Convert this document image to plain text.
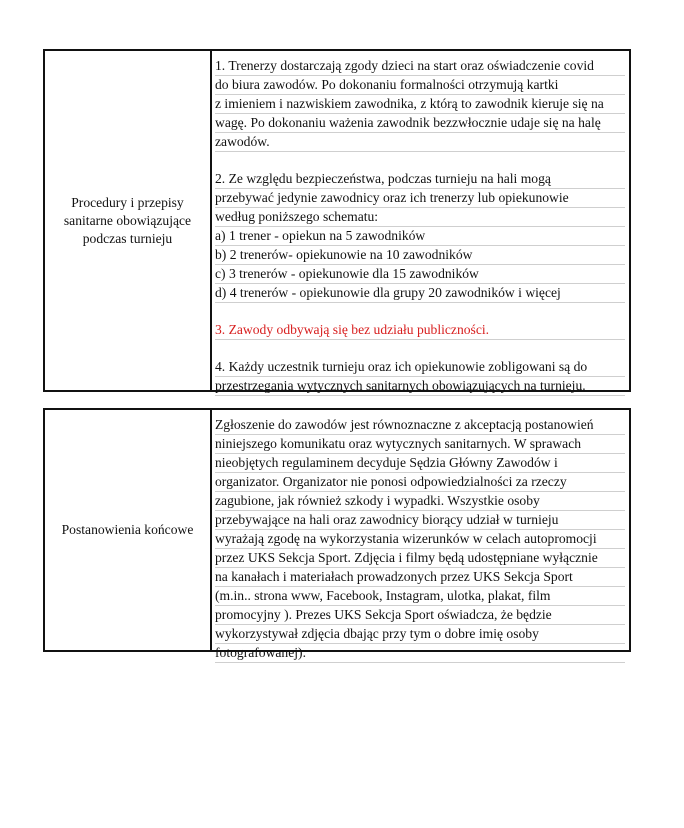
Procedury i przepisy
sanitarne obowiązujące
podczas turnieju
1. Trenerzy dostarczają zgody dzieci na start oraz oświadczenie covid
do biura zawodów. Po dokonaniu formalności otrzymują kartki
z imieniem i nazwiskiem zawodnika, z którą to zawodnik kieruje się na
wagę. Po dokonaniu ważenia zawodnik bezzwłocznie udaje się na halę
zawodów.
2. Ze względu bezpieczeństwa, podczas turnieju na hali mogą
przebywać jedynie zawodnicy oraz ich trenerzy lub opiekunowie
według poniższego schematu:
a) 1 trener - opiekun na 5 zawodników
b) 2 trenerów- opiekunowie na 10 zawodników
c) 3 trenerów - opiekunowie dla 15 zawodników
d) 4 trenerów - opiekunowie dla grupy 20 zawodników i więcej
3. Zawody odbywają się bez udziału publiczności.
4. Każdy uczestnik turnieju oraz ich opiekunowie zobligowani są do
przestrzegania wytycznych sanitarnych obowiązujących na turnieju.
Postanowienia końcowe
Zgłoszenie do zawodów jest równoznaczne z akceptacją postanowień
niniejszego komunikatu oraz wytycznych sanitarnych. W sprawach
nieobjętych regulaminem decyduje Sędzia Główny Zawodów i
organizator. Organizator nie ponosi odpowiedzialności za rzeczy
zagubione, jak również szkody i wypadki. Wszystkie osoby
przebywające na hali oraz zawodnicy biorący udział w turnieju
wyrażają zgodę na wykorzystania wizerunków w celach autopromocji
przez UKS Sekcja Sport. Zdjęcia i filmy będą udostępniane wyłącznie
na kanałach i materiałach prowadzonych przez UKS Sekcja Sport
(m.in.. strona www, Facebook, Instagram, ulotka, plakat, film
promocyjny ). Prezes UKS Sekcja Sport oświadcza, że będzie
wykorzystywał zdjęcia dbając przy tym o dobre imię osoby
fotografowanej).
